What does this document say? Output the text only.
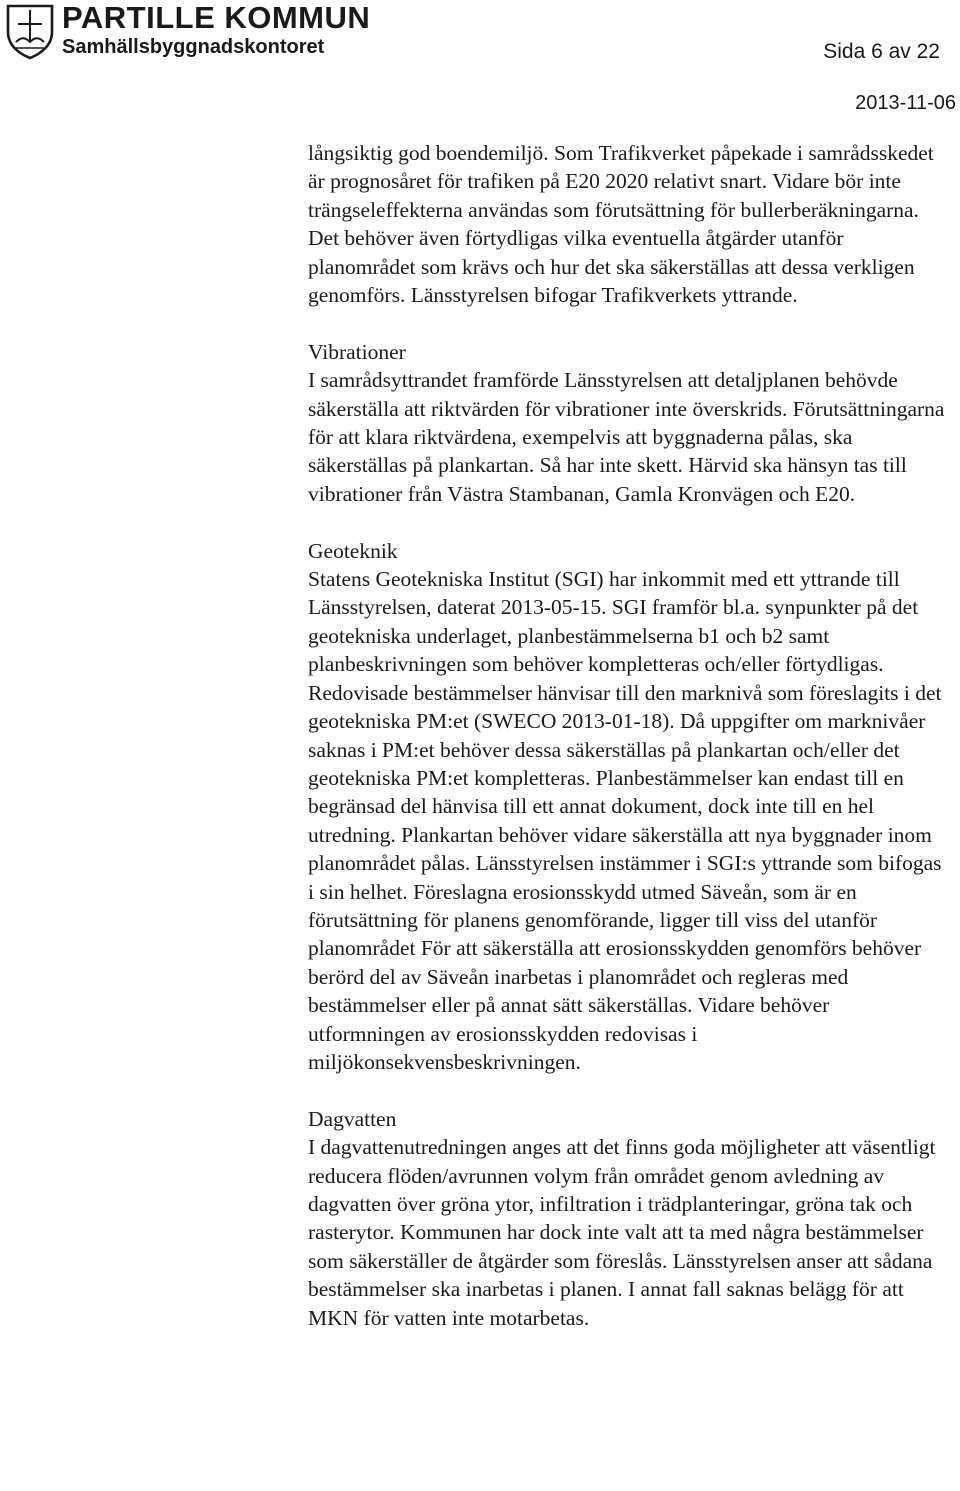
PARTILLE KOMMUN
Samhällsbyggnadskontoret	Sida 6 av 22
2013-11-06

långsiktig god boendemiljö. Som Trafikverket påpekade i samrådsskedet är prognosåret för trafiken på E20 2020 relativt snart. Vidare bör inte trängseleffekterna användas som förutsättning för bullerberäkningarna. Det behöver även förtydligas vilka eventuella åtgärder utanför planområdet som krävs och hur det ska säkerställas att dessa verkligen genomförs. Länsstyrelsen bifogar Trafikverkets yttrande.

Vibrationer

I samrådsyttrandet framförde Länsstyrelsen att detaljplanen behövde säkerställa att riktvärden för vibrationer inte överskrids. Förutsättningarna för att klara riktvärdena, exempelvis att byggnaderna pålas, ska säkerställas på plankartan. Så har inte skett. Härvid ska hänsyn tas till vibrationer från Västra Stambanan, Gamla Kronvägen och E20.

Geoteknik

Statens Geotekniska Institut (SGI) har inkommit med ett yttrande till Länsstyrelsen, daterat 2013-05-15. SGI framför bl.a. synpunkter på det geotekniska underlaget, planbestämmelserna b1 och b2 samt planbeskrivningen som behöver kompletteras och/eller förtydligas. Redovisade bestämmelser hänvisar till den marknivå som föreslagits i det geotekniska PM:et (SWECO 2013-01-18). Då uppgifter om marknivåer saknas i PM:et behöver dessa säkerställas på plankartan och/eller det geotekniska PM:et kompletteras. Planbestämmelser kan endast till en begränsad del hänvisa till ett annat dokument, dock inte till en hel utredning. Plankartan behöver vidare säkerställa att nya byggnader inom planområdet pålas. Länsstyrelsen instämmer i SGI:s yttrande som bifogas i sin helhet. Föreslagna erosionsskydd utmed Säveån, som är en förutsättning för planens genomförande, ligger till viss del utanför planområdet För att säkerställa att erosionsskydden genomförs behöver berörd del av Säveån inarbetas i planområdet och regleras med bestämmelser eller på annat sätt säkerställas. Vidare behöver utformningen av erosionsskydden redovisas i miljökonsekvensbeskrivningen.

Dagvatten

I dagvattenutredningen anges att det finns goda möjligheter att väsentligt reducera flöden/avrunnen volym från området genom avledning av dagvatten över gröna ytor, infiltration i trädplanteringar, gröna tak och rasterytor. Kommunen har dock inte valt att ta med några bestämmelser som säkerställer de åtgärder som föreslås. Länsstyrelsen anser att sådana bestämmelser ska inarbetas i planen. I annat fall saknas belägg för att MKN för vatten inte motarbetas.
